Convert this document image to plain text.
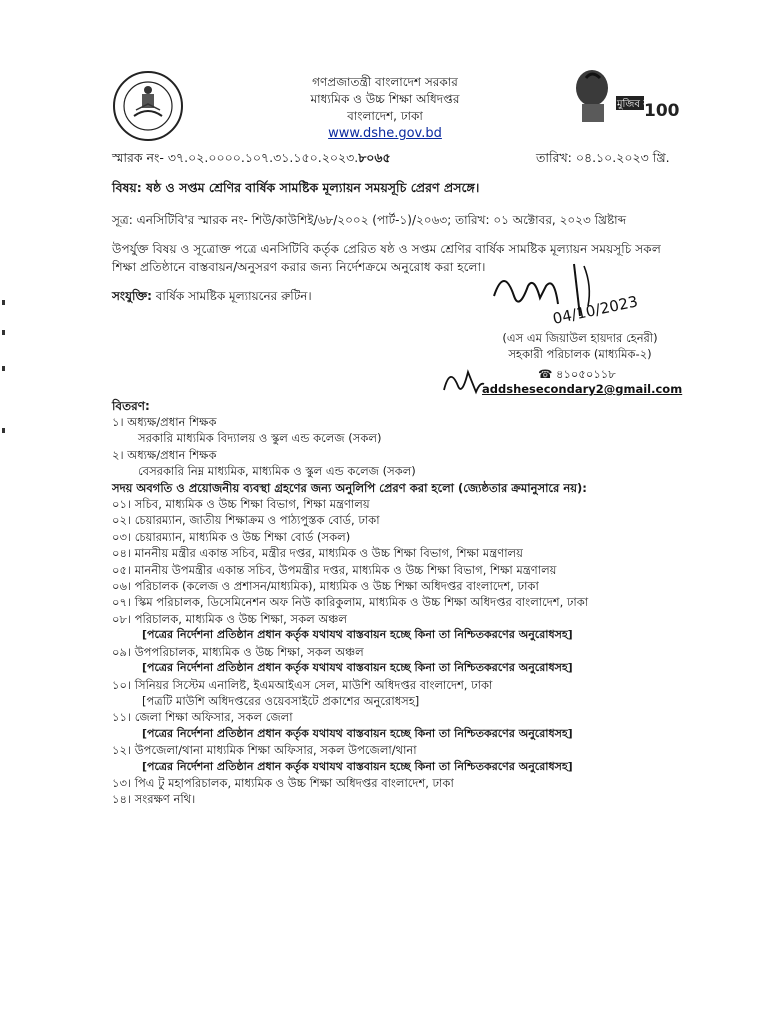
গণপ্রজাতন্ত্রী বাংলাদেশ সরকার
মাধ্যমিক ও উচ্চ শিক্ষা অধিদপ্তর
বাংলাদেশ, ঢাকা
www.dshe.gov.bd
মুজিব বর্ষ
100
স্মারক নং- ৩৭.০২.০০০০.১০৭.৩১.১৫০.২০২৩.৮০৬৫	তারিখ: ০৪.১০.২০২৩ খ্রি.
বিষয়: ষষ্ঠ ও সপ্তম শ্রেণির বার্ষিক সামষ্টিক মূল্যায়ন সময়সূচি প্রেরণ প্রসঙ্গে।
সূত্র: এনসিটিবি'র স্মারক নং- শিউ/কাউশিই/৬৮/২০০২ (পার্ট-১)/২০৬৩; তারিখ: ০১ অক্টোবর, ২০২৩ খ্রিষ্টাব্দ
উপর্যুক্ত বিষয় ও সূত্রোক্ত পত্রে এনসিটিবি কর্তৃক প্রেরিত ষষ্ঠ ও সপ্তম শ্রেণির বার্ষিক সামষ্টিক মূল্যায়ন সময়সূচি সকল শিক্ষা প্রতিষ্ঠানে বাস্তবায়ন/অনুসরণ করার জন্য নির্দেশক্রমে অনুরোধ করা হলো।
সংযুক্তি: বার্ষিক সামষ্টিক মূল্যায়নের রুটিন।	04/10/2023
(এস এম জিয়াউল হায়দার হেনরী)
সহকারী পরিচালক (মাধ্যমিক-২)
☎ ৪১০৫০১১৮
addshesecondary2@gmail.com
বিতরণ:
১। অধ্যক্ষ/প্রধান শিক্ষক
সরকারি মাধ্যমিক বিদ্যালয় ও স্কুল এন্ড কলেজ (সকল)
২। অধ্যক্ষ/প্রধান শিক্ষক
বেসরকারি নিম্ন মাধ্যমিক, মাধ্যমিক ও স্কুল এন্ড কলেজ (সকল)
সদয় অবগতি ও প্রয়োজনীয় ব্যবস্থা গ্রহণের জন্য অনুলিপি প্রেরণ করা হলো (জ্যেষ্ঠতার ক্রমানুসারে নয়):
০১। সচিব, মাধ্যমিক ও উচ্চ শিক্ষা বিভাগ, শিক্ষা মন্ত্রণালয়
০২। চেয়ারম্যান, জাতীয় শিক্ষাক্রম ও পাঠ্যপুস্তক বোর্ড, ঢাকা
০৩। চেয়ারম্যান, মাধ্যমিক ও উচ্চ শিক্ষা বোর্ড (সকল)
০৪। মাননীয় মন্ত্রীর একান্ত সচিব, মন্ত্রীর দপ্তর, মাধ্যমিক ও উচ্চ শিক্ষা বিভাগ, শিক্ষা মন্ত্রণালয়
০৫। মাননীয় উপমন্ত্রীর একান্ত সচিব, উপমন্ত্রীর দপ্তর, মাধ্যমিক ও উচ্চ শিক্ষা বিভাগ, শিক্ষা মন্ত্রণালয়
০৬। পরিচালক (কলেজ ও প্রশাসন/মাধ্যমিক), মাধ্যমিক ও উচ্চ শিক্ষা অধিদপ্তর বাংলাদেশ, ঢাকা
০৭। স্কিম পরিচালক, ডিসেমিনেশন অফ নিউ কারিকুলাম, মাধ্যমিক ও উচ্চ শিক্ষা অধিদপ্তর বাংলাদেশ, ঢাকা
০৮। পরিচালক, মাধ্যমিক ও উচ্চ শিক্ষা, সকল অঞ্চল
[পত্রের নির্দেশনা প্রতিষ্ঠান প্রধান কর্তৃক যথাযথ বাস্তবায়ন হচ্ছে কিনা তা নিশ্চিতকরণের অনুরোধসহ]
০৯। উপপরিচালক, মাধ্যমিক ও উচ্চ শিক্ষা, সকল অঞ্চল
[পত্রের নির্দেশনা প্রতিষ্ঠান প্রধান কর্তৃক যথাযথ বাস্তবায়ন হচ্ছে কিনা তা নিশ্চিতকরণের অনুরোধসহ]
১০। সিনিয়র সিস্টেম এনালিষ্ট, ইএমআইএস সেল, মাউশি অধিদপ্তর বাংলাদেশ, ঢাকা
[পত্রটি মাউশি অধিদপ্তরের ওয়েবসাইটে প্রকাশের অনুরোধসহ]
১১। জেলা শিক্ষা অফিসার, সকল জেলা
[পত্রের নির্দেশনা প্রতিষ্ঠান প্রধান কর্তৃক যথাযথ বাস্তবায়ন হচ্ছে কিনা তা নিশ্চিতকরণের অনুরোধসহ]
১২। উপজেলা/থানা মাধ্যমিক শিক্ষা অফিসার, সকল উপজেলা/থানা
[পত্রের নির্দেশনা প্রতিষ্ঠান প্রধান কর্তৃক যথাযথ বাস্তবায়ন হচ্ছে কিনা তা নিশ্চিতকরণের অনুরোধসহ]
১৩। পিএ টু মহাপরিচালক, মাধ্যমিক ও উচ্চ শিক্ষা অধিদপ্তর বাংলাদেশ, ঢাকা
১৪। সংরক্ষণ নথি।
